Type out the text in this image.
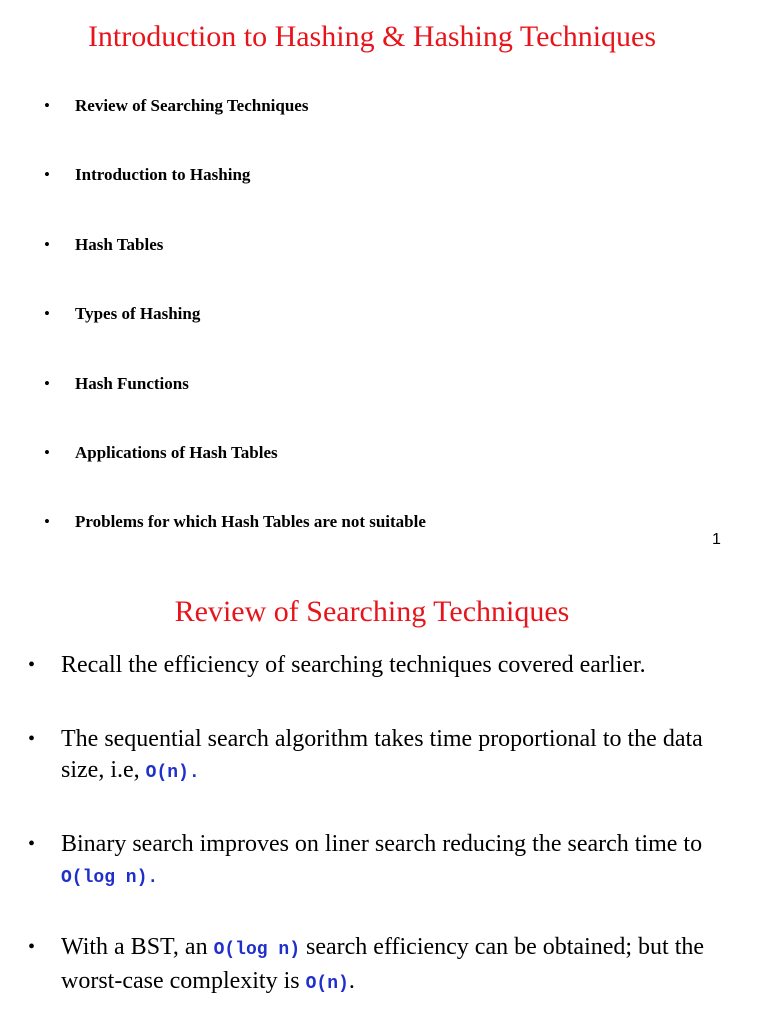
Introduction to Hashing & Hashing Techniques
• Review of Searching Techniques
• Introduction to Hashing
• Hash Tables
• Types of Hashing
• Hash Functions
• Applications of Hash Tables
• Problems for which Hash Tables are not suitable
1
Review of Searching Techniques
• Recall the efficiency of searching techniques covered earlier.
• The sequential search algorithm takes time proportional to the data size, i.e, O(n).
• Binary search improves on liner search reducing the search time to O(log n).
• With a BST, an O(log n) search efficiency can be obtained; but the worst-case complexity is O(n).
